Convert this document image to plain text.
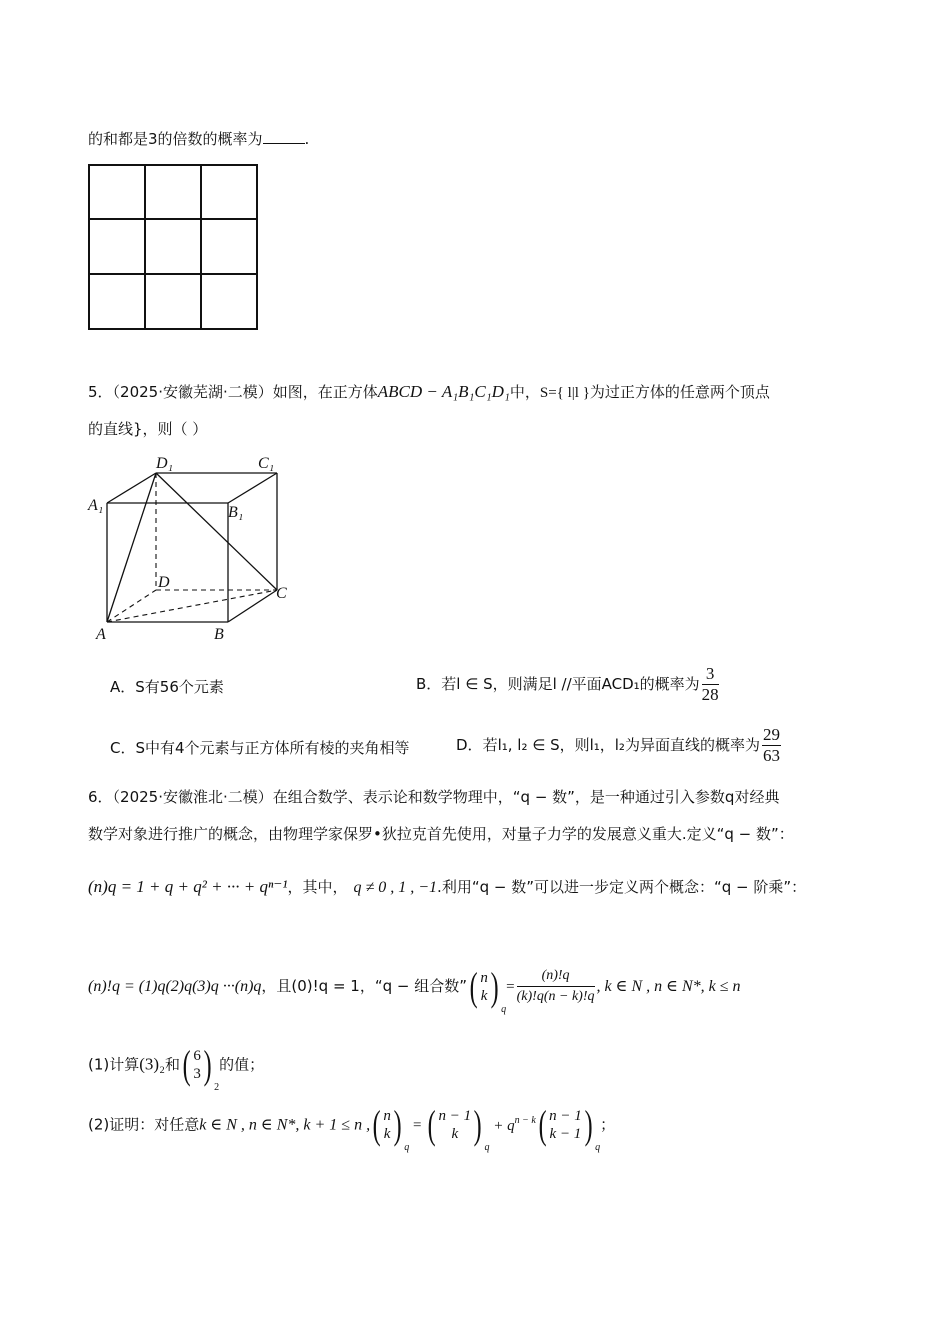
的和都是3的倍数的概率为	.
5．（2025·安徽芜湖·二模）如图，在正方体ABCD − A₁B₁C₁D₁中，S={ l|l }为过正方体的任意两个顶点
的直线}，则（ ）
D₁	C₁
A₁	B₁
D
C
A	B
A．S有56个元素	B．若l ∈ S，则满足l //平面ACD₁的概率为 $\frac{3}{28}$
C．S中有4个元素与正方体所有棱的夹角相等	D．若l₁, l₂ ∈ S，则l₁，l₂为异面直线的概率为 $\frac{29}{63}$
6．（2025·安徽淮北·二模）在组合数学、表示论和数学物理中，“q − 数”，是一种通过引入参数q对经典
数学对象进行推广的概念，由物理学家保罗•狄拉克首先使用，对量子力学的发展意义重大.定义“q − 数”：
(n)q = 1 + q + q² + ··· + qⁿ⁻¹，其中， q ≠ 0 , 1 , −1.利用“q − 数”可以进一步定义两个概念：“q − 阶乘”：
(n)!q = (1)q(2)q(3)q ···(n)q，且(0)!q = 1，“q − 组合数” ( n
k )
q
= $\frac{(n)!q}{(k)!q(n - k)!q}$ , k ∈ N , n ∈ N*, k ≤ n
(1)计算(3)₂和 ( 6
3 )
2
的值；
(2)证明：对任意k ∈ N , n ∈ N*, k + 1 ≤ n , ( n
k )
q
= ( n − 1
k )
q
+ $q^{n - k}$ ( n − 1
k − 1 )
q
；
